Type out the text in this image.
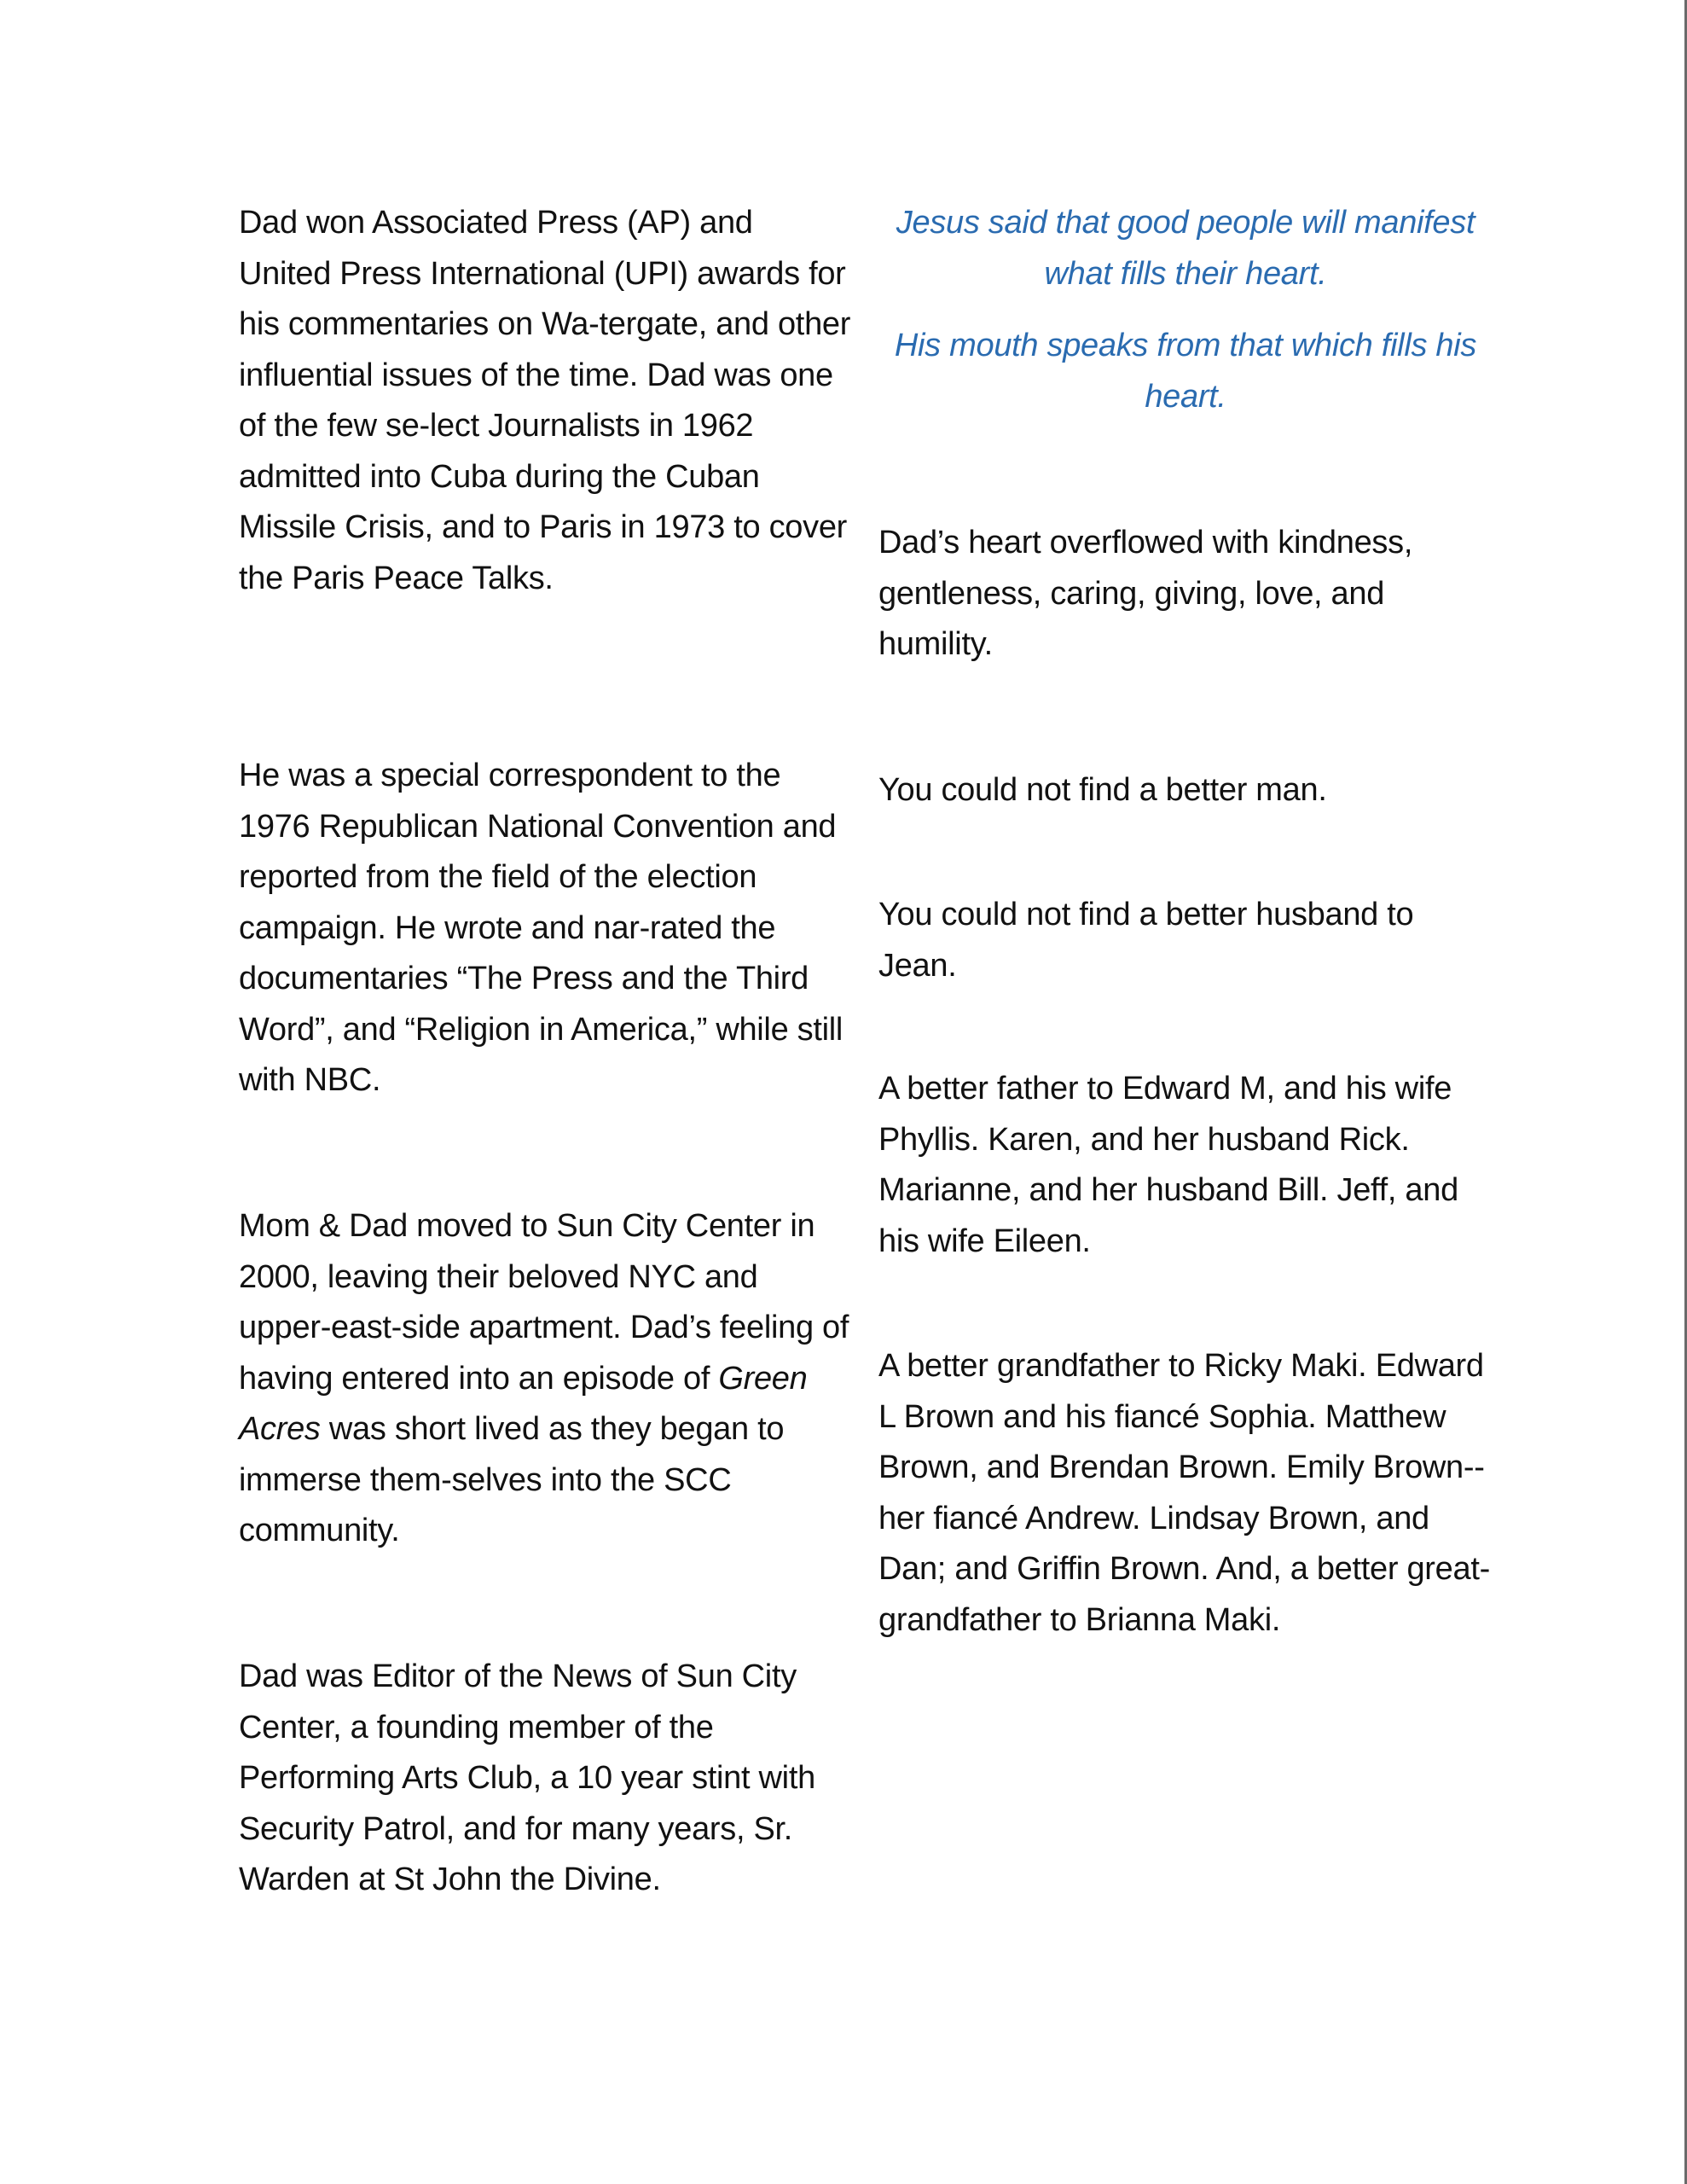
Dad won Associated Press (AP) and United Press International (UPI) awards for his commentaries on Wa-tergate, and other influential issues of the time. Dad was one of the few se-lect Journalists in 1962 admitted into Cuba during the Cuban Missile Crisis, and to Paris in 1973 to cover the Paris Peace Talks.

He was a special correspondent to the 1976 Republican National Convention and reported from the field of the election campaign. He wrote and nar-rated the documentaries “The Press and the Third Word”, and “Religion in America,” while still with NBC.

Mom & Dad moved to Sun City Center in 2000, leaving their beloved NYC and upper-east-side apartment. Dad’s feeling of having entered into an episode of Green Acres was short lived as they began to immerse them-selves into the SCC community.

Dad was Editor of the News of Sun City Center, a founding member of the Performing Arts Club, a 10 year stint with Security Patrol, and for many years, Sr. Warden at St John the Divine.

Jesus said that good people will manifest what fills their heart.

His mouth speaks from that which fills his heart.

Dad’s heart overflowed with kindness, gentleness, caring, giving, love, and humility.

You could not find a better man.

You could not find a better husband to Jean.

A better father to Edward M, and his wife Phyllis. Karen, and her husband Rick. Marianne, and her husband Bill. Jeff, and his wife Eileen.

A better grandfather to Ricky Maki. Edward L Brown and his fiancé Sophia. Matthew Brown, and Brendan Brown. Emily Brown--her fiancé Andrew. Lindsay Brown, and Dan; and Griffin Brown. And, a better great-grandfather to Brianna Maki.
